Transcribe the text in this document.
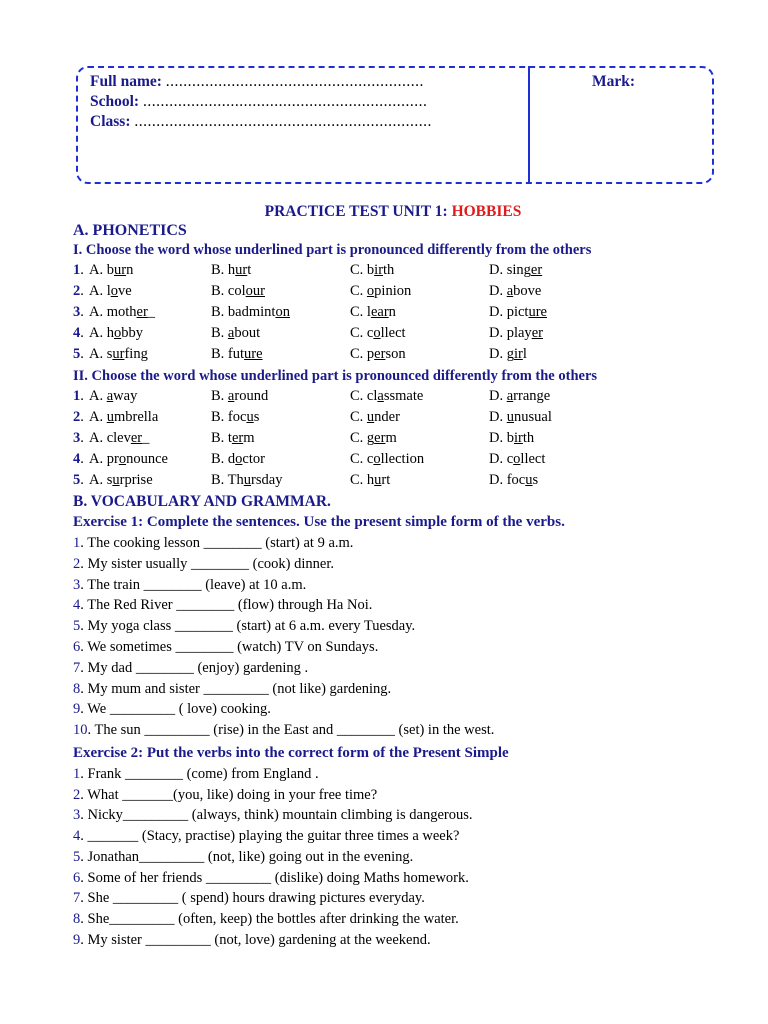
Full name: ...........................................................
School: .................................................................
Class: ....................................................................
Mark:
PRACTICE TEST UNIT 1: HOBBIES
A. PHONETICS
I. Choose the word whose underlined part is pronounced differently from the others
1 . A. burn	B. hurt	C. birth	D. singer
2 . A. love	B. colour	C. opinion	D. above
3 . A. mother_	B. badminton	C. learn	D. picture
4 . A. hobby	B. about	C. collect	D. player
5 . A. surfing	B. future	C. person	D. girl
II. Choose the word whose underlined part is pronounced differently from the others
1 . A. away	B. around	C. classmate	D. arrange
2 . A. umbrella	B. focus	C. under	D. unusual
3 . A. clever_	B. term	C. germ	D. birth
4 . A. pronounce	B. doctor	C. collection	D. collect
5 . A. surprise	B. Thursday	C. hurt	D. focus
B. VOCABULARY AND GRAMMAR.
Exercise 1: Complete the sentences. Use the present simple form of the verbs.
1 . The cooking lesson ________ (start) at 9 a.m.
2 . My sister usually ________ (cook) dinner.
3 . The train ________ (leave) at 10 a.m.
4 . The Red River ________ (flow) through Ha Noi.
5 . My yoga class ________ (start) at 6 a.m. every Tuesday.
6 . We sometimes ________ (watch) TV on Sundays.
7 . My dad ________ (enjoy) gardening .
8 . My mum and sister _________ (not like) gardening.
9 . We _________ ( love) cooking.
10 . The sun _________ (rise) in the East and ________ (set) in the west.
Exercise 2: Put the verbs into the correct form of the Present Simple
1 . Frank ________ (come) from England .
2 . What _______(you, like) doing in your free time?
3 . Nicky_________ (always, think) mountain climbing is dangerous.
4 . _______ (Stacy, practise) playing the guitar three times a week?
5 . Jonathan_________ (not, like) going out in the evening.
6 . Some of her friends _________ (dislike) doing Maths homework.
7 . She _________ ( spend) hours drawing pictures everyday.
8 . She_________ (often, keep) the bottles after drinking the water.
9 . My sister _________ (not, love) gardening at the weekend.
